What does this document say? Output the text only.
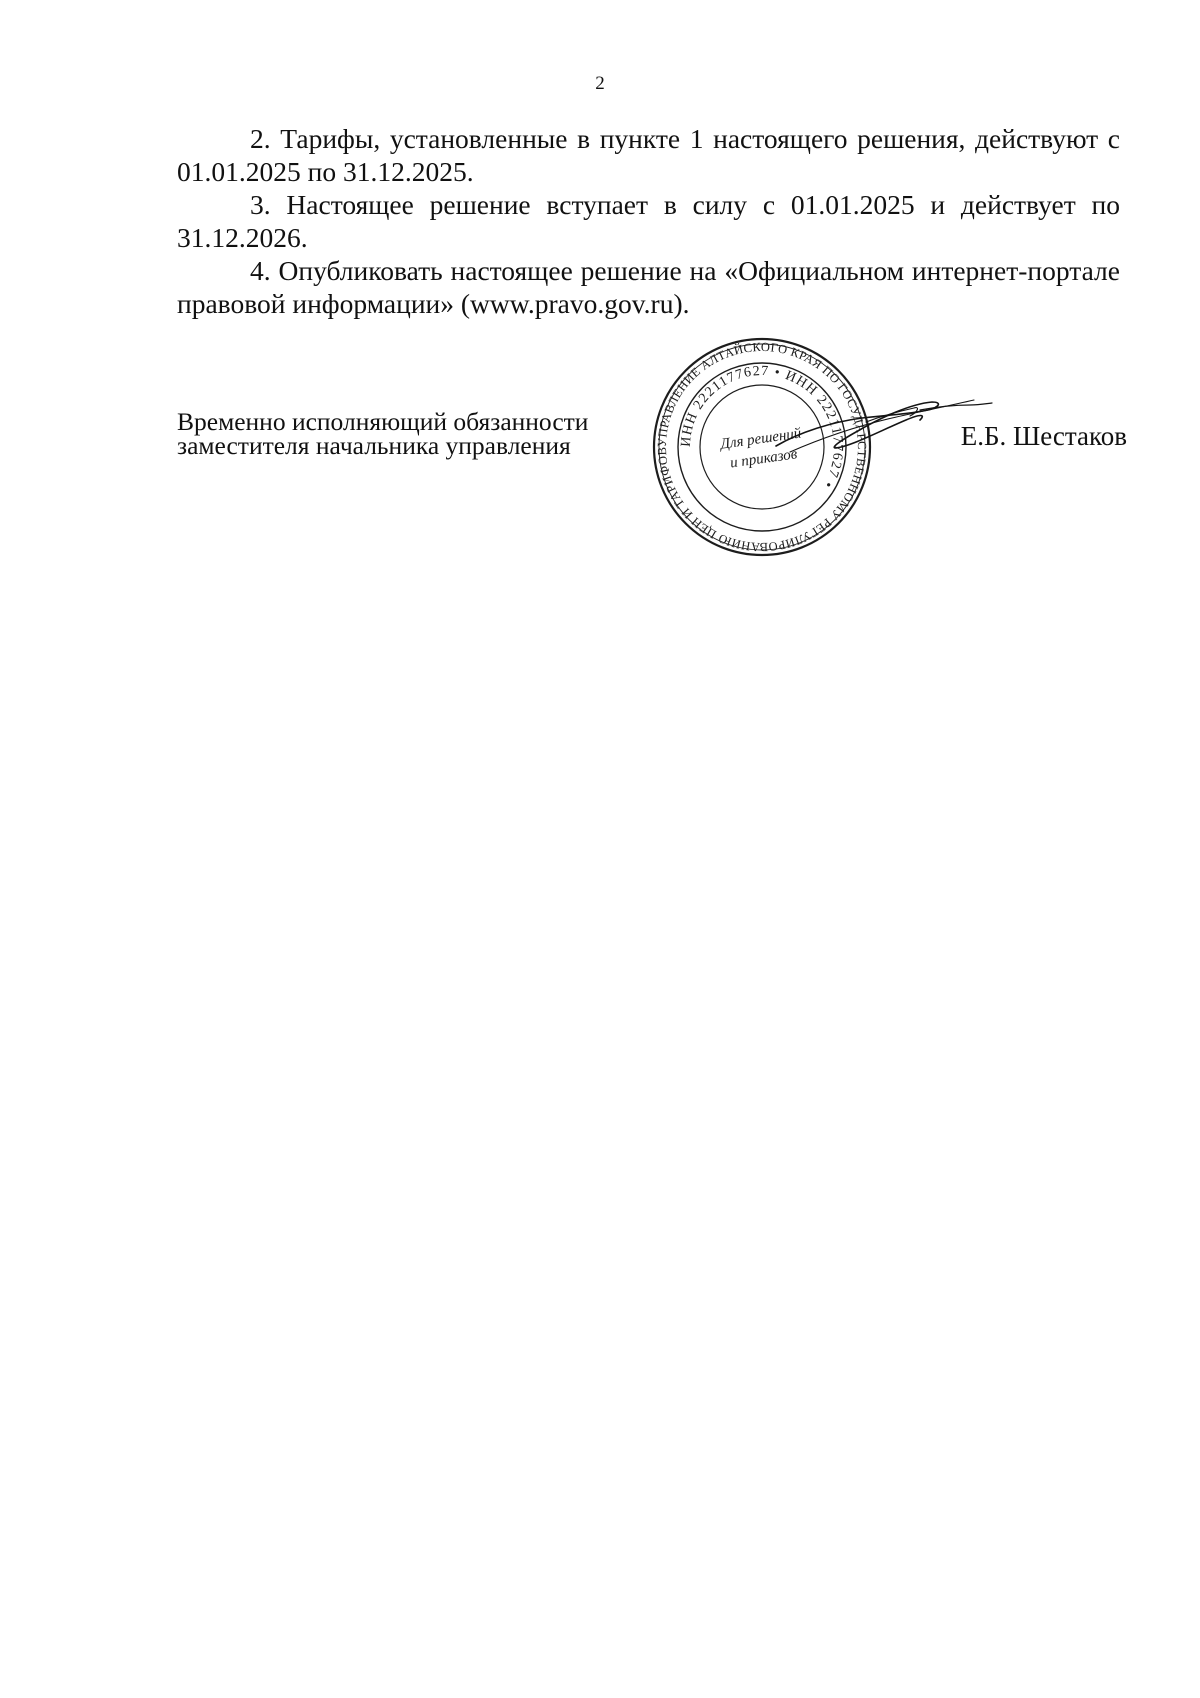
2

2. Тарифы, установленные в пункте 1 настоящего решения, действуют с 01.01.2025 по 31.12.2025.

3. Настоящее решение вступает в силу с 01.01.2025 и действует по 31.12.2026.

4. Опубликовать настоящее решение на «Официальном интернет-портале правовой информации» (www.pravo.gov.ru).

Временно исполняющий обязанности
заместителя начальника управления	УПРАВЛЕНИЕ АЛТАЙСКОГО КРАЯ ПО ГОСУДАРСТВЕННОМУ РЕГУЛИРОВАНИЮ ЦЕН И ТАРИФОВ
ИНН 2221177627 • ИНН 2221177627 •
Для решений
и приказов
Е.Б. Шестаков
